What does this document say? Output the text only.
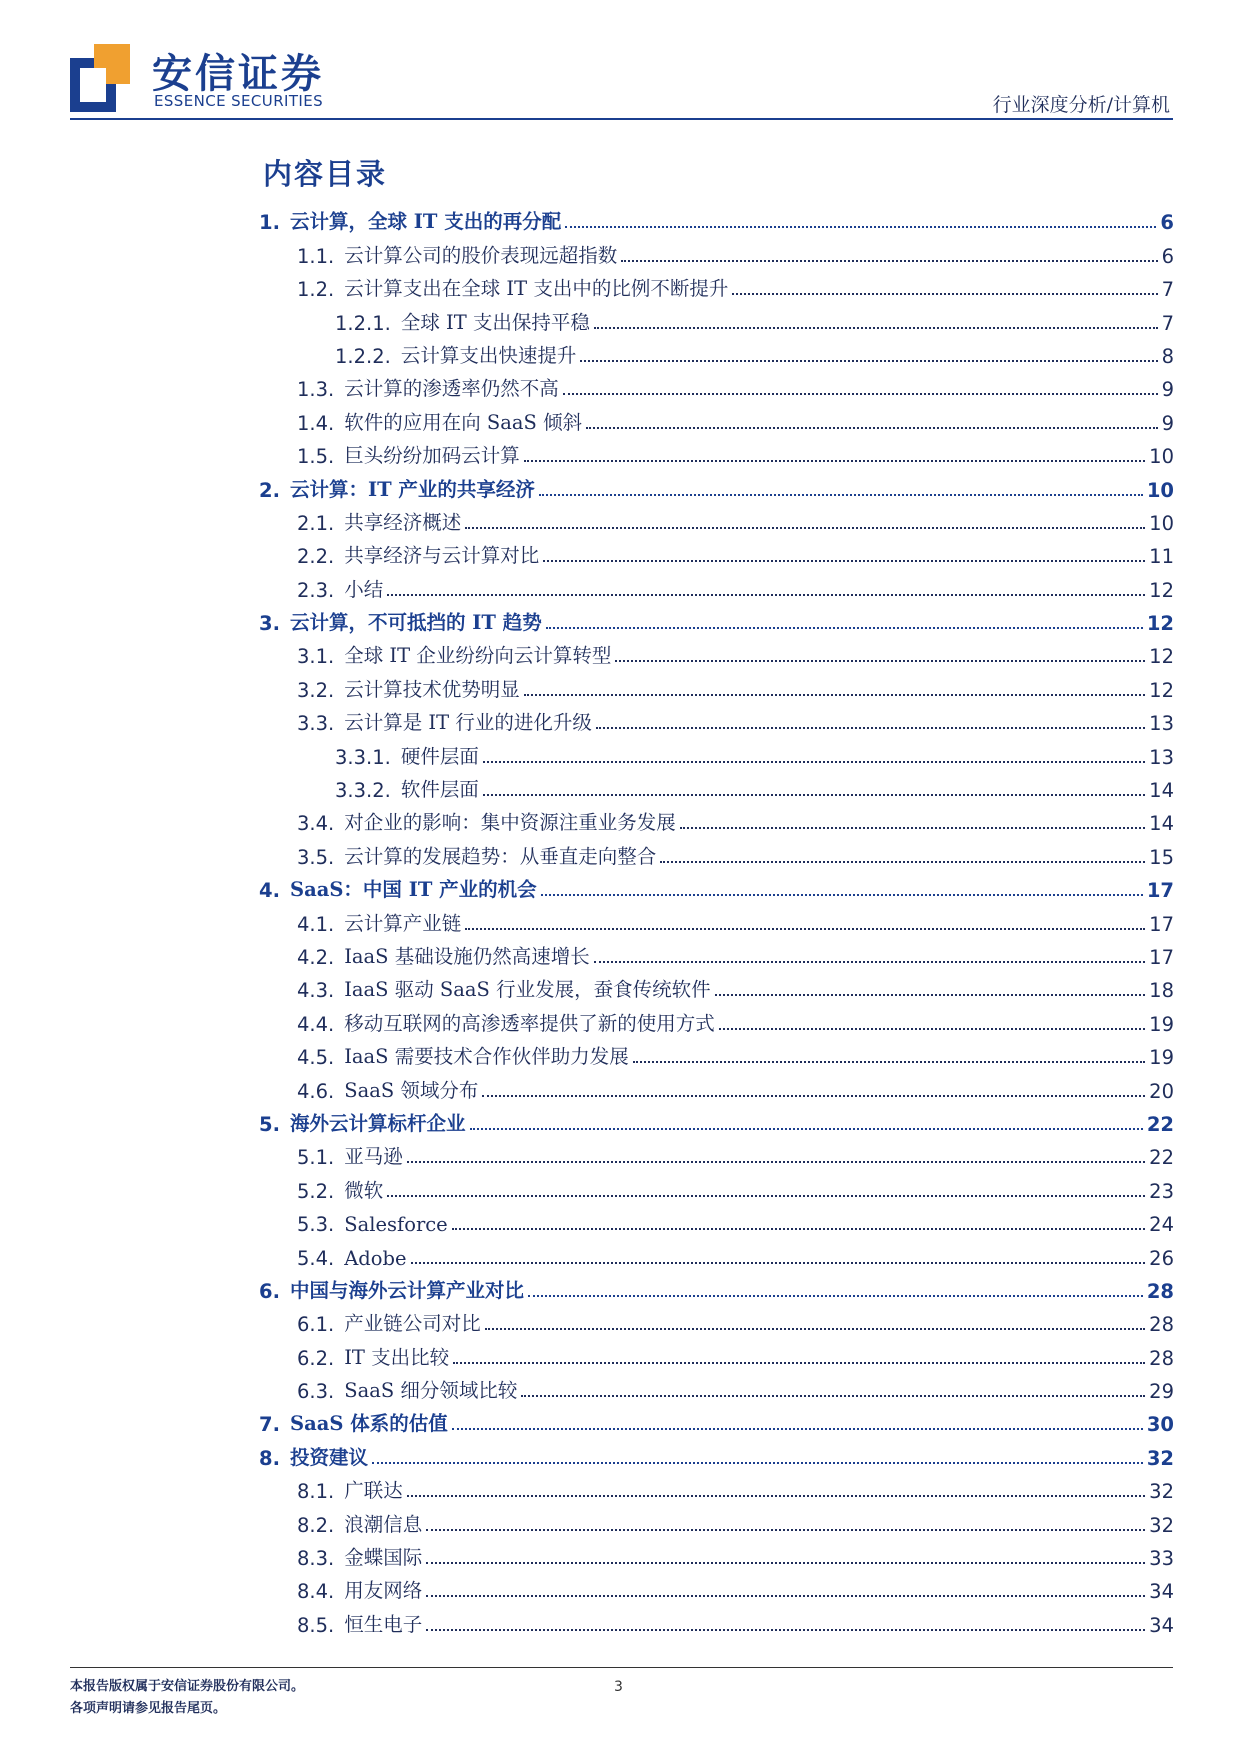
安信证券
ESSENCE SECURITIES	行业深度分析/计算机
内容目录
1. 云计算，全球 IT 支出的再分配	6
1.1. 云计算公司的股价表现远超指数	6
1.2. 云计算支出在全球 IT 支出中的比例不断提升	7
1.2.1. 全球 IT 支出保持平稳	7
1.2.2. 云计算支出快速提升	8
1.3. 云计算的渗透率仍然不高	9
1.4. 软件的应用在向 SaaS 倾斜	9
1.5. 巨头纷纷加码云计算	10
2. 云计算：IT 产业的共享经济	10
2.1. 共享经济概述	10
2.2. 共享经济与云计算对比	11
2.3. 小结	12
3. 云计算，不可抵挡的 IT 趋势	12
3.1. 全球 IT 企业纷纷向云计算转型	12
3.2. 云计算技术优势明显	12
3.3. 云计算是 IT 行业的进化升级	13
3.3.1. 硬件层面	13
3.3.2. 软件层面	14
3.4. 对企业的影响：集中资源注重业务发展	14
3.5. 云计算的发展趋势：从垂直走向整合	15
4. SaaS：中国 IT 产业的机会	17
4.1. 云计算产业链	17
4.2. IaaS 基础设施仍然高速增长	17
4.3. IaaS 驱动 SaaS 行业发展，蚕食传统软件	18
4.4. 移动互联网的高渗透率提供了新的使用方式	19
4.5. IaaS 需要技术合作伙伴助力发展	19
4.6. SaaS 领域分布	20
5. 海外云计算标杆企业	22
5.1. 亚马逊	22
5.2. 微软	23
5.3. Salesforce	24
5.4. Adobe	26
6. 中国与海外云计算产业对比	28
6.1. 产业链公司对比	28
6.2. IT 支出比较	28
6.3. SaaS 细分领域比较	29
7. SaaS 体系的估值	30
8. 投资建议	32
8.1. 广联达	32
8.2. 浪潮信息	32
8.3. 金蝶国际	33
8.4. 用友网络	34
8.5. 恒生电子	34
本报告版权属于安信证券股份有限公司。
各项声明请参见报告尾页。
3
